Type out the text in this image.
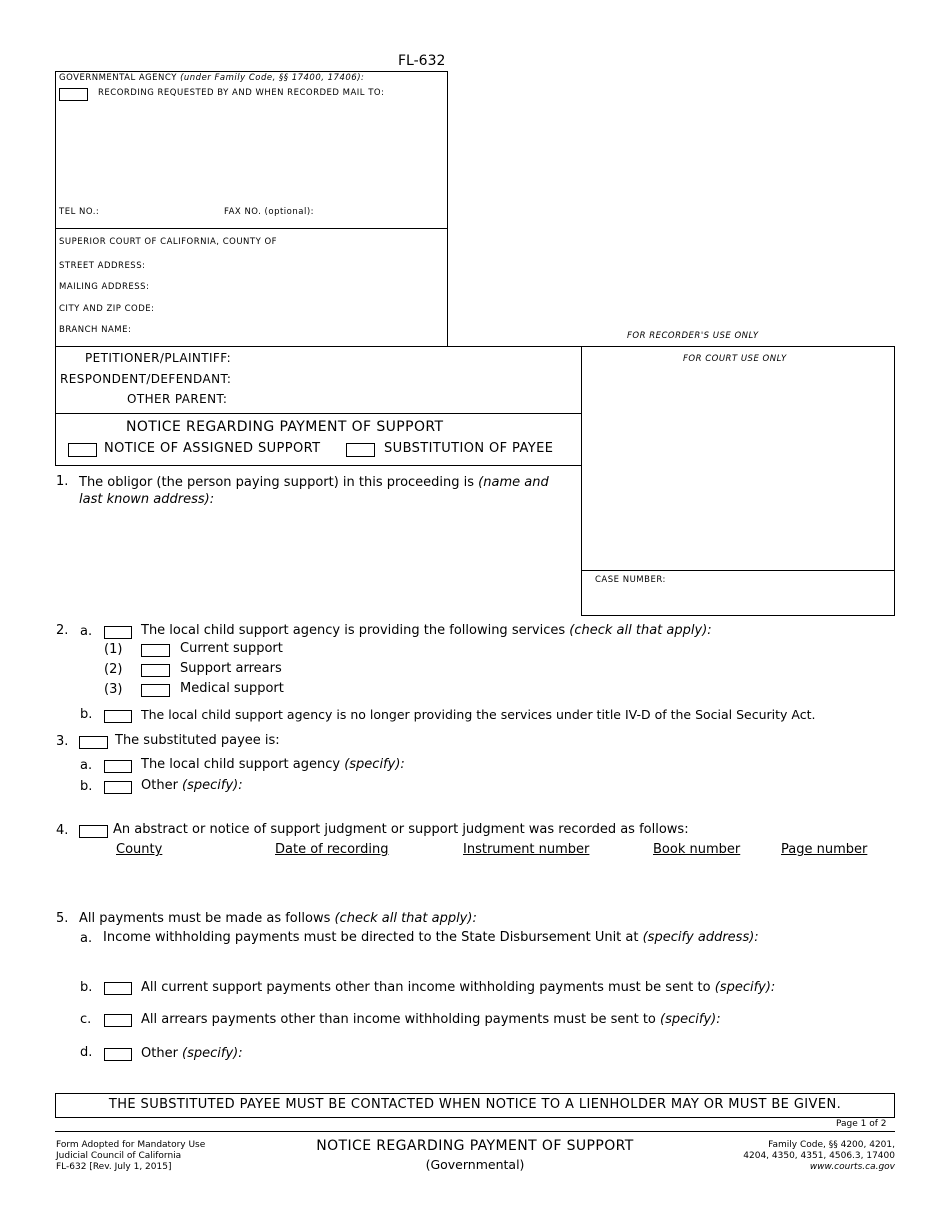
FL-632
GOVERNMENTAL AGENCY (under Family Code, §§ 17400, 17406):
RECORDING REQUESTED BY AND WHEN RECORDED MAIL TO:
TEL NO.:	FAX NO. (optional):
SUPERIOR COURT OF CALIFORNIA, COUNTY OF
STREET ADDRESS:
MAILING ADDRESS:
CITY AND ZIP CODE:
BRANCH NAME:
FOR RECORDER'S USE ONLY
PETITIONER/PLAINTIFF:
RESPONDENT/DEFENDANT:
OTHER PARENT:
NOTICE REGARDING PAYMENT OF SUPPORT
NOTICE OF ASSIGNED SUPPORT	SUBSTITUTION OF PAYEE
FOR COURT USE ONLY
CASE NUMBER:
1. The obligor (the person paying support) in this proceeding is (name and last known address):
2. a.	The local child support agency is providing the following services (check all that apply):
(1)	Current support
(2)	Support arrears
(3)	Medical support
b.	The local child support agency is no longer providing the services under title IV-D of the Social Security Act.
3.	The substituted payee is:
a.	The local child support agency (specify):
b.	Other (specify):
4.	An abstract or notice of support judgment or support judgment was recorded as follows:
County	Date of recording	Instrument number	Book number	Page number
5. All payments must be made as follows (check all that apply):
a. Income withholding payments must be directed to the State Disbursement Unit at (specify address):
b.	All current support payments other than income withholding payments must be sent to (specify):
c.	All arrears payments other than income withholding payments must be sent to (specify):
d.	Other (specify):
THE SUBSTITUTED PAYEE MUST BE CONTACTED WHEN NOTICE TO A LIENHOLDER MAY OR MUST BE GIVEN.
Page 1 of 2
Form Adopted for Mandatory Use
Judicial Council of California
FL-632 [Rev. July 1, 2015]
NOTICE REGARDING PAYMENT OF SUPPORT
(Governmental)
Family Code, §§ 4200, 4201,
4204, 4350, 4351, 4506.3, 17400
www.courts.ca.gov
